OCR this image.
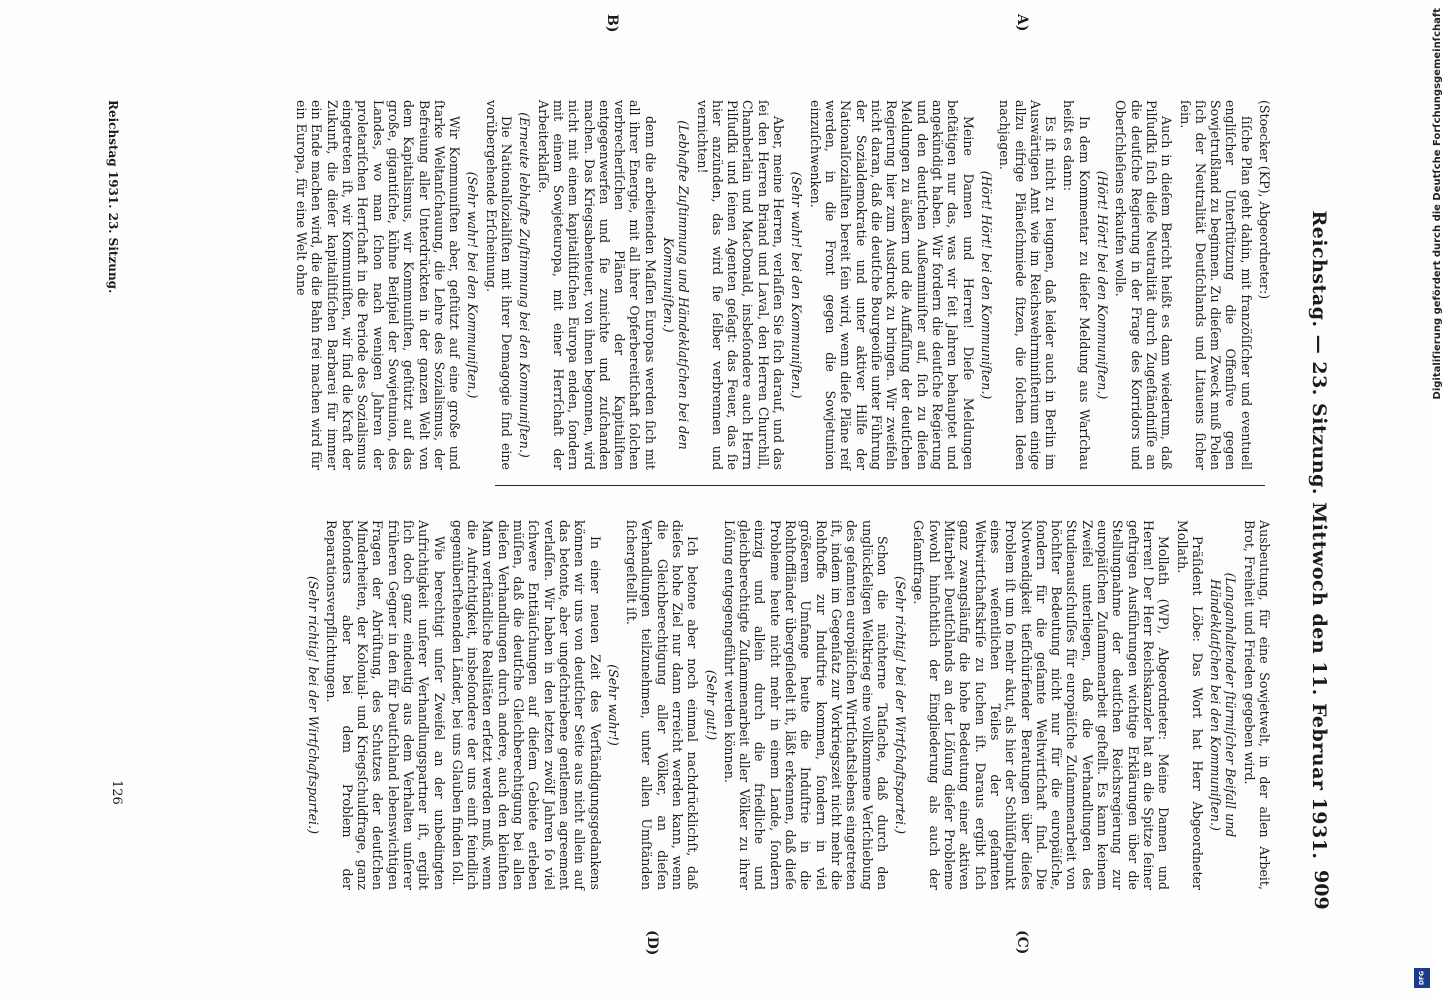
Reichstag. — 23. Sitzung. Mittwoch den 11. Februar 1931.
909
A)
B)
(C)
(D)

(Stoecker (KP), Abgeordneter:)

ſiſche Plan geht dahin, mit franzöſiſcher und eventuell engliſcher Unterſtützung die Offenſive gegen Sowjetrußland zu beginnen. Zu dieſem Zweck muß Polen ſich der Neutralität Deutſchlands und Litauens ſicher ſein.

Auch in dieſem Bericht heißt es dann wiederum, daß Pilſudſki ſich dieſe Neutralität durch Zugeſtändniſſe an die deutſche Regierung in der Frage des Korridors und Oberſchleſiens erkaufen wolle.

(Hört! Hört! bei den Kommuniſten.)

In dem Kommentar zu dieſer Meldung aus Warſchau heißt es dann:

Es iſt nicht zu leugnen, daß leider auch in Berlin im Auswärtigen Amt wie im Reichswehrminiſterium einige allzu eifrige Pläneſchmiede ſitzen, die ſolchen Ideen nachjagen.

(Hört! Hört! bei den Kommuniſten.)

Meine Damen und Herren! Dieſe Meldungen beſtätigen nur das, was wir ſeit Jahren behauptet und angekündigt haben. Wir fordern die deutſche Regierung und den deutſchen Außenminiſter auf, ſich zu dieſen Meldungen zu äußern und die Auffaſſung der deutſchen Regierung hier zum Ausdruck zu bringen. Wir zweifeln nicht daran, daß die deutſche Bourgeoiſie unter Führung der Sozialdemokratie und unter aktiver Hilfe der Nationalſozialiſten bereit ſein wird, wenn dieſe Pläne reif werden, in die Front gegen die Sowjetunion einzuſchwenken.

(Sehr wahr! bei den Kommuniſten.)

Aber, meine Herren, verlaſſen Sie ſich darauf, und das ſei den Herren Briand und Laval, den Herren Churchill, Chamberlain und MacDonald, insbeſondere auch Herrn Pilſudſki und ſeinen Agenten geſagt: das Feuer, das ſie hier anzünden, das wird ſie ſelber verbrennen und vernichten!

(Lebhafte Zuſtimmung und Händeklatſchen bei den Kommuniſten.)

denn die arbeitenden Maſſen Europas werden ſich mit all ihrer Energie, mit all ihrer Opferbereitſchaft ſolchen verbrecheriſchen Plänen der Kapitaliſten entgegenwerfen und ſie zunichte und zuſchanden machen. Das Kriegsabenteuer, von ihnen begonnen, wird nicht mit einem kapitaliſtiſchen Europa enden, ſondern mit einem Sowjeteuropa, mit einer Herrſchaft der Arbeiterklaſſe.

(Erneute lebhafte Zuſtimmung bei den Kommuniſten.)

Die Nationalſozialiſten mit ihrer Demagogie ſind eine vorübergehende Erſcheinung.

(Sehr wahr! bei den Kommuniſten.)

Wir Kommuniſten aber, geſtützt auf eine große und ſtarke Weltanſchauung, die Lehre des Sozialismus, der Befreiung aller Unterdrückten in der ganzen Welt von dem Kapitalismus, wir Kommuniſten, geſtützt auf das große, gigantiſche, kühne Beiſpiel der Sowjetunion, des Landes, wo man ſchon nach wenigen Jahren der proletariſchen Herrſchaft in die Periode des Sozialismus eingetreten iſt, wir Kommuniſten, wir ſind die Kraft der Zukunft, die dieſer kapitaliſtiſchen Barbarei für immer ein Ende machen wird, die die Bahn frei machen wird für ein Europa, für eine Welt ohne

Ausbeutung, für eine Sowjetwelt, in der allen Arbeit, Brot, Freiheit und Frieden gegeben wird.

(Langanhaltender ſtürmiſcher Beifall und Händeklatſchen bei den Kommuniſten.)

Präſident Löbe: Das Wort hat Herr Abgeordneter Mollath.

Mollath (WP), Abgeordneter: Meine Damen und Herren! Der Herr Reichskanzler hat an die Spitze ſeiner geſtrigen Ausführungen wichtige Erklärungen über die Stellungnahme der deutſchen Reichsregierung zur europäiſchen Zuſammenarbeit geſtellt. Es kann keinem Zweifel unterliegen, daß die Verhandlungen des Studienausſchuſſes für europäiſche Zuſammenarbeit von höchſter Bedeutung nicht nur für die europäiſche, ſondern für die geſamte Weltwirtſchaft ſind. Die Notwendigkeit tiefſchürfender Beratungen über dieſes Problem iſt um ſo mehr akut, als hier der Schlüſſelpunkt eines weſentlichen Teiles der geſamten Weltwirtſchaftskriſe zu ſuchen iſt. Daraus ergibt ſich ganz zwangsläufig die hohe Bedeutung einer aktiven Mitarbeit Deutſchlands an der Löſung dieſer Probleme ſowohl hinſichtlich der Eingliederung als auch der Geſamtfrage.

(Sehr richtig! bei der Wirtſchaftspartei.)

Schon die nüchterne Tatſache, daß durch den unglückſeligen Weltkrieg eine vollkommene Verſchiebung des geſamten europäiſchen Wirtſchaftslebens eingetreten iſt, indem im Gegenſatz zur Vorkriegszeit nicht mehr die Rohſtoffe zur Induſtrie kommen, ſondern in viel größerem Umfange heute die Induſtrie in die Rohſtoffländer übergeſiedelt iſt, läßt erkennen, daß dieſe Probleme heute nicht mehr in einem Lande, ſondern einzig und allein durch die friedliche und gleichberechtigte Zuſammenarbeit aller Völker zu ihrer Löſung entgegengeführt werden können.

(Sehr gut!)

Ich betone aber noch einmal nachdrücklichſt, daß dieſes hohe Ziel nur dann erreicht werden kann, wenn die Gleichberechtigung aller Völker, an dieſen Verhandlungen teilzunehmen, unter allen Umſtänden ſichergeſtellt iſt.

(Sehr wahr!)

In einer neuen Zeit des Verſtändigungsgedankens können wir uns von deutſcher Seite aus nicht allein auf das betonte, aber ungeſchriebene gentlemen agreement verlaſſen. Wir haben in den letzten zwölf Jahren ſo viel ſchwere Enttäuſchungen auf dieſem Gebiete erleben müſſen, daß die deutſche Gleichberechtigung bei allen dieſen Verhandlungen durch andere, auch den kleinſten Mann verſtändliche Realitäten erſetzt werden muß, wenn die Aufrichtigkeit, insbeſondere der uns einſt feindlich gegenüberſtehenden Länder, bei uns Glauben finden ſoll.

Wie berechtigt unſer Zweifel an der unbedingten Aufrichtigkeit unſerer Verhandlungspartner iſt, ergibt ſich doch ganz eindeutig aus dem Verhalten unſerer früheren Gegner in den für Deutſchland lebenswichtigen Fragen der Abrüſtung, des Schutzes der deutſchen Minderheiten, der Kolonial- und Kriegsſchuldfrage, ganz beſonders aber bei dem Problem der Reparationsverpflichtungen.

(Sehr richtig! bei der Wirtſchaftspartei.)

Reichstag 1931. 23. Sitzung.
126
Digitaliſierung gefördert durch die Deutſche Forſchungsgemeinſchaft
DFG
